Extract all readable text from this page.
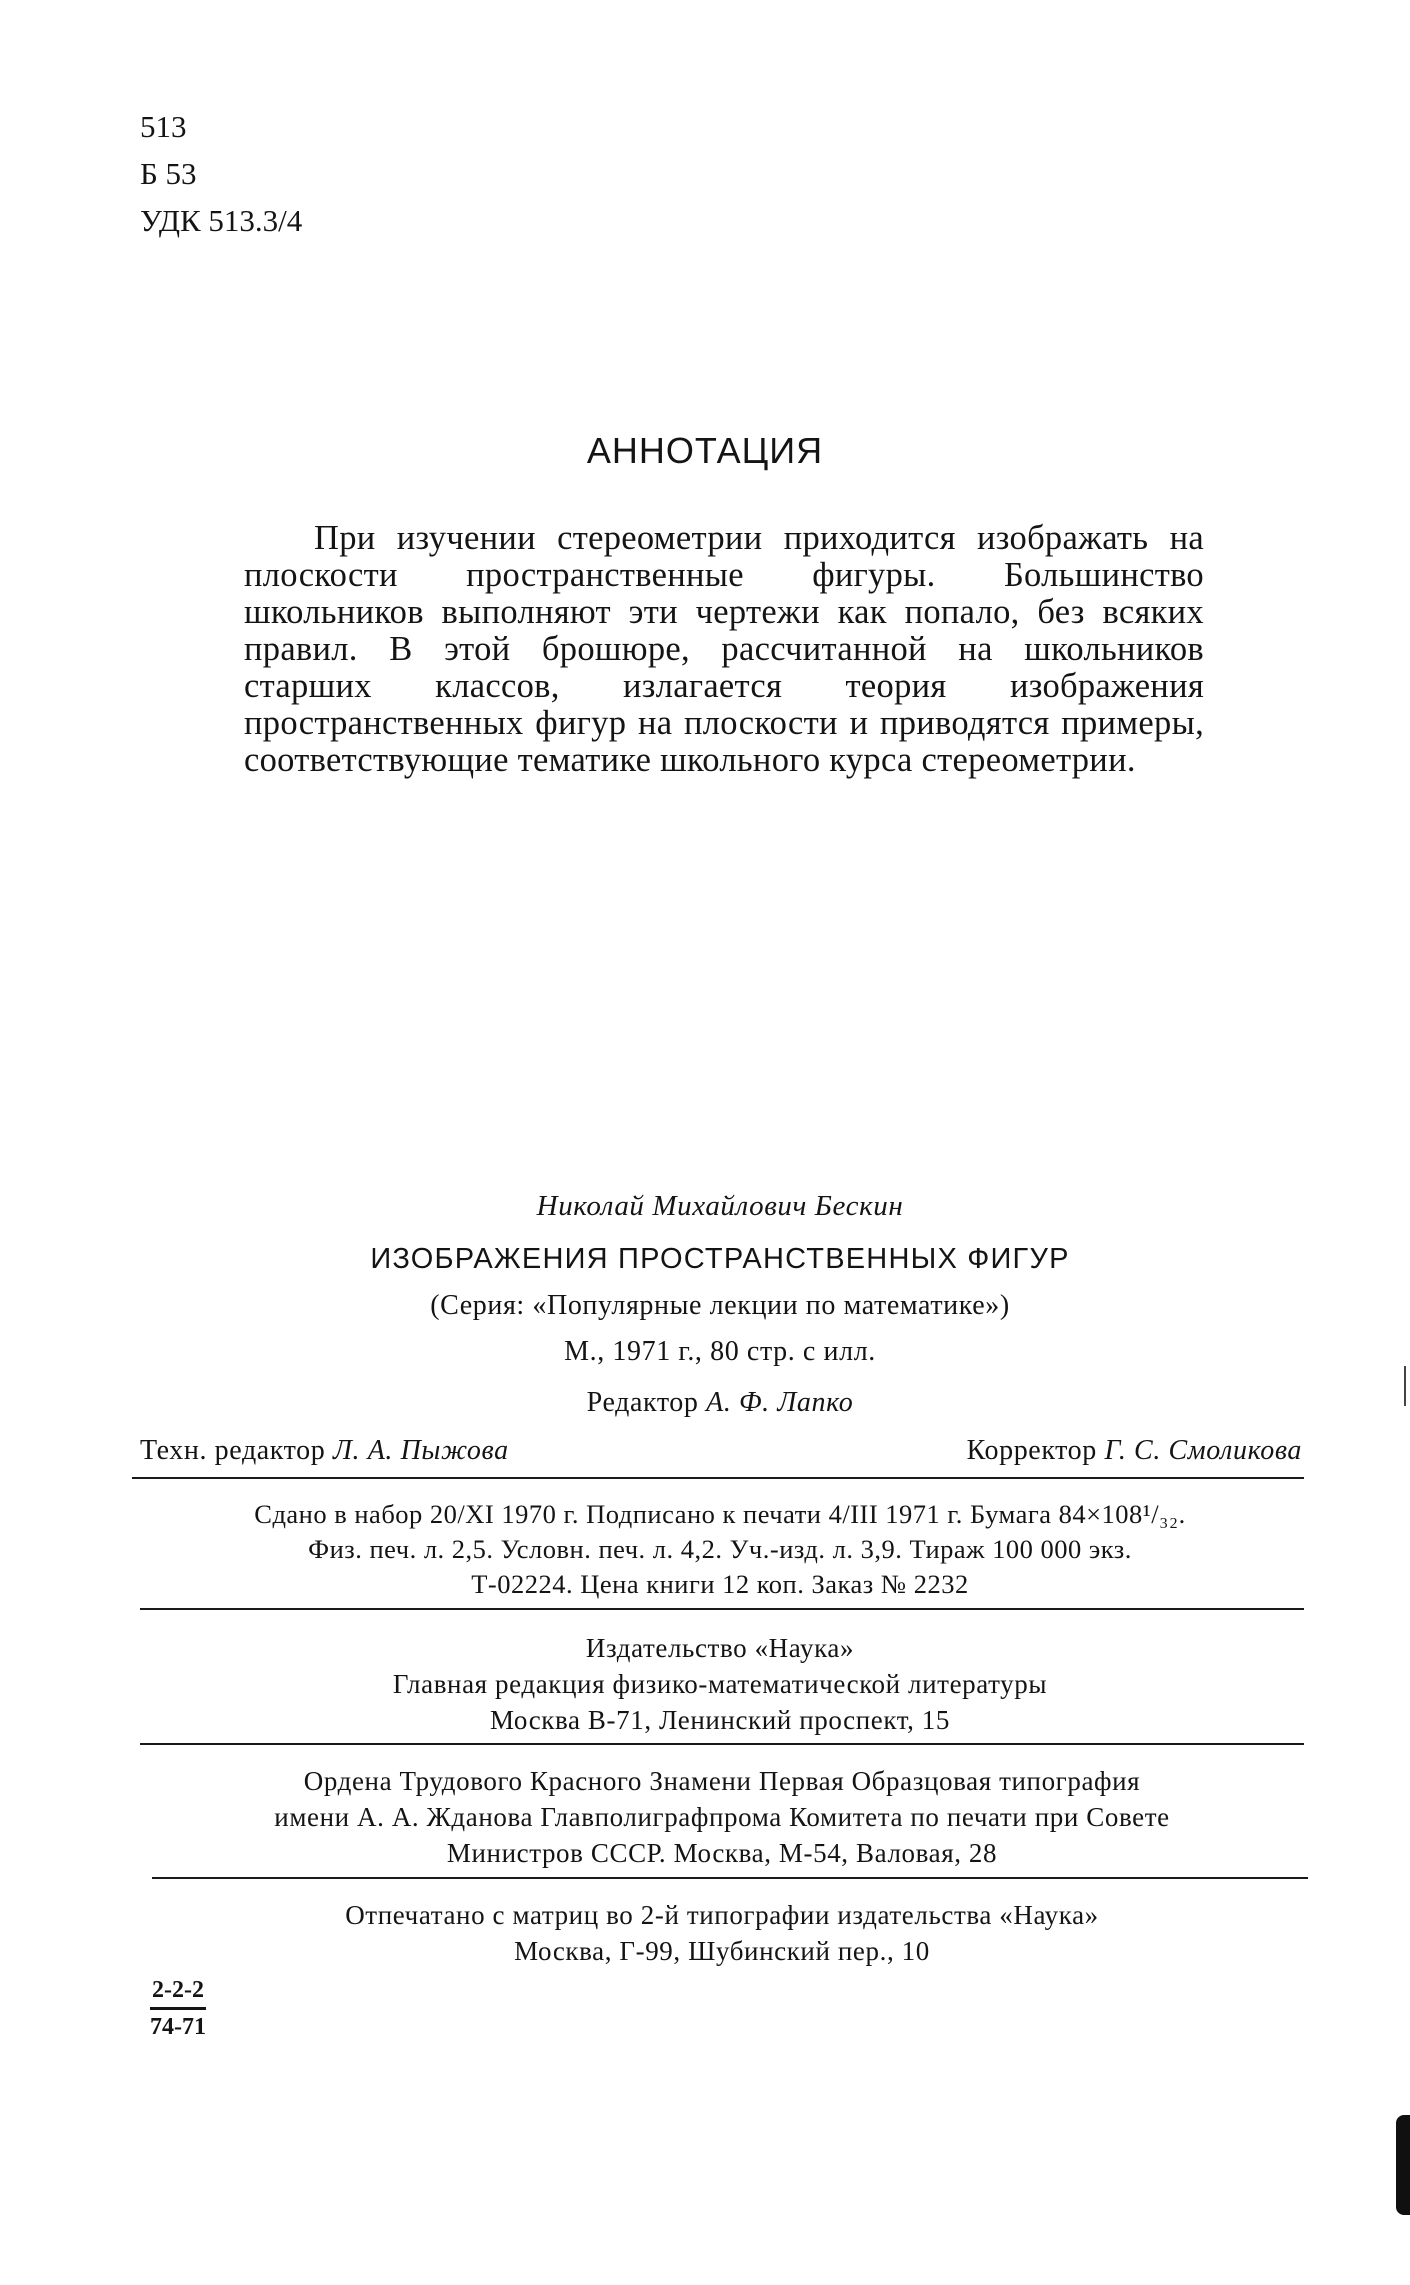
513
Б 53
УДК 513.3/4
АННОТАЦИЯ
При изучении стереометрии приходится изображать на плоскости пространственные фигуры. Большинство школьников выполняют эти чертежи как попало, без всяких правил. В этой брошюре, рассчитанной на школьников старших классов, излагается теория изображения пространственных фигур на плоскости и приводятся примеры, соответствующие тематике школьного курса стереометрии.
Николай Михайлович Бескин
ИЗОБРАЖЕНИЯ ПРОСТРАНСТВЕННЫХ ФИГУР
(Серия: «Популярные лекции по математике»)
М., 1971 г., 80 стр. с илл.
Редактор А. Ф. Лапко
Техн. редактор Л. А. Пыжова	Корректор Г. С. Смоликова
Сдано в набор 20/XI 1970 г. Подписано к печати 4/III 1971 г. Бумага 84×108¹/₃₂.
Физ. печ. л. 2,5. Условн. печ. л. 4,2. Уч.-изд. л. 3,9. Тираж 100 000 экз.
Т-02224. Цена книги 12 коп. Заказ № 2232
Издательство «Наука»
Главная редакция физико-математической литературы
Москва В-71, Ленинский проспект, 15
Ордена Трудового Красного Знамени Первая Образцовая типография
имени А. А. Жданова Главполиграфпрома Комитета по печати при Совете
Министров СССР. Москва, М-54, Валовая, 28
Отпечатано с матриц во 2-й типографии издательства «Наука»
Москва, Г-99, Шубинский пер., 10
$\frac{2-2-2}{74-71}$
